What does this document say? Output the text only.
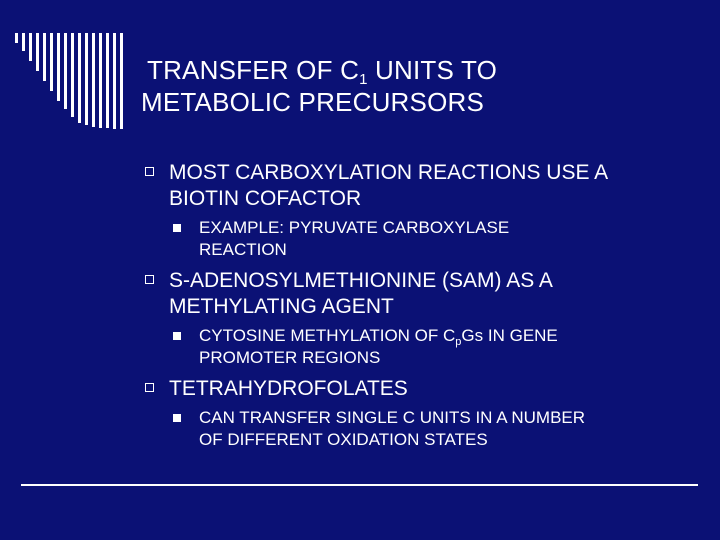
TRANSFER OF $C_1$ UNITS TO
METABOLIC PRECURSORS
MOST CARBOXYLATION REACTIONS USE A
BIOTIN COFACTOR
EXAMPLE: PYRUVATE CARBOXYLASE
REACTION
S-ADENOSYLMETHIONINE (SAM) AS A
METHYLATING AGENT
CYTOSINE METHYLATION OF $C_pGs$ IN GENE
PROMOTER REGIONS
TETRAHYDROFOLATES
CAN TRANSFER SINGLE C UNITS IN A NUMBER
OF DIFFERENT OXIDATION STATES
